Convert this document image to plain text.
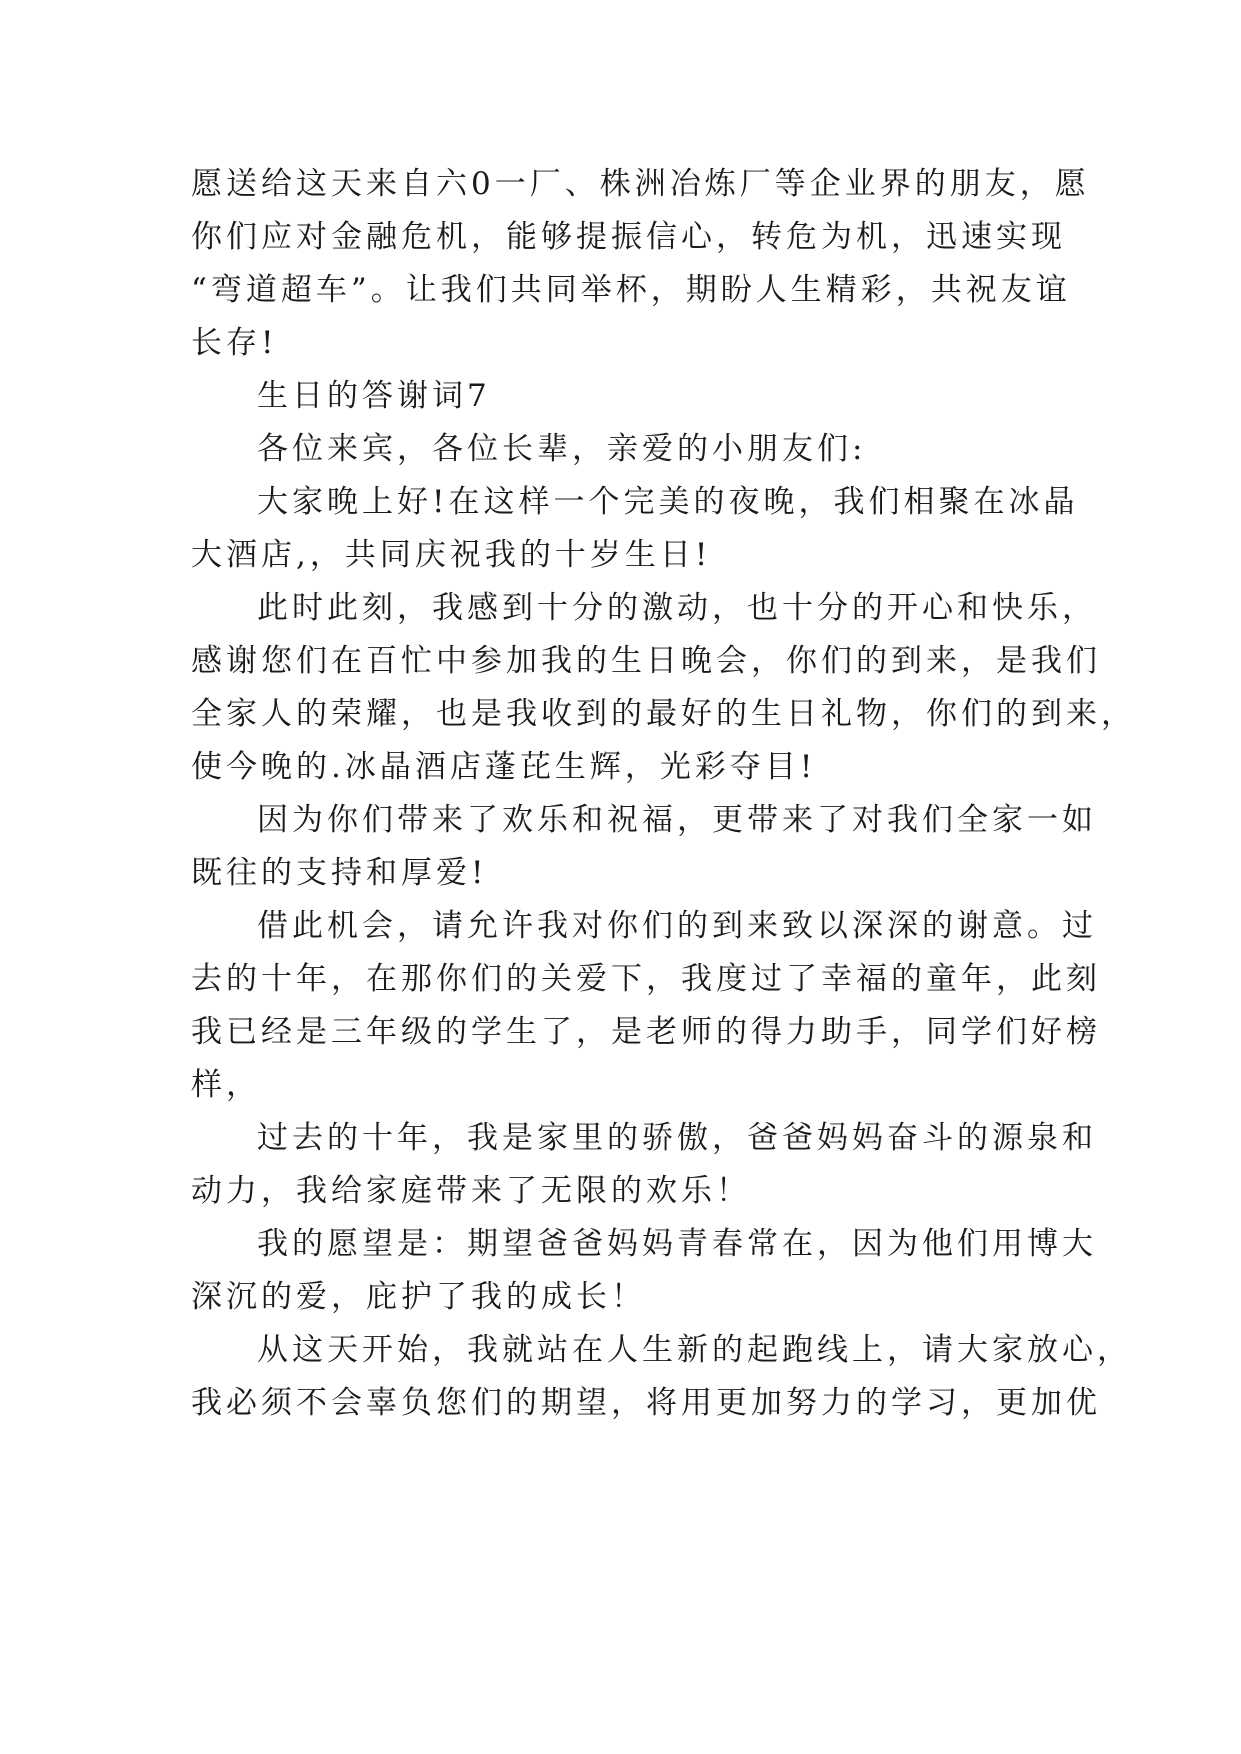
愿送给这天来自六0一厂、株洲冶炼厂等企业界的朋友，愿
你们应对金融危机，能够提振信心，转危为机，迅速实现
“弯道超车”。让我们共同举杯，期盼人生精彩，共祝友谊
长存!
生日的答谢词7
各位来宾，各位长辈，亲爱的小朋友们:
大家晚上好!在这样一个完美的夜晚，我们相聚在冰晶
大酒店,，共同庆祝我的十岁生日!
此时此刻，我感到十分的激动，也十分的开心和快乐，
感谢您们在百忙中参加我的生日晚会，你们的到来，是我们
全家人的荣耀，也是我收到的最好的生日礼物，你们的到来，
使今晚的.冰晶酒店蓬芘生辉，光彩夺目!
因为你们带来了欢乐和祝福，更带来了对我们全家一如
既往的支持和厚爱!
借此机会，请允许我对你们的到来致以深深的谢意。过
去的十年，在那你们的关爱下，我度过了幸福的童年，此刻
我已经是三年级的学生了，是老师的得力助手，同学们好榜
样，
过去的十年，我是家里的骄傲，爸爸妈妈奋斗的源泉和
动力，我给家庭带来了无限的欢乐！
我的愿望是：期望爸爸妈妈青春常在，因为他们用博大
深沉的爱，庇护了我的成长！
从这天开始，我就站在人生新的起跑线上，请大家放心，
我必须不会辜负您们的期望，将用更加努力的学习，更加优
